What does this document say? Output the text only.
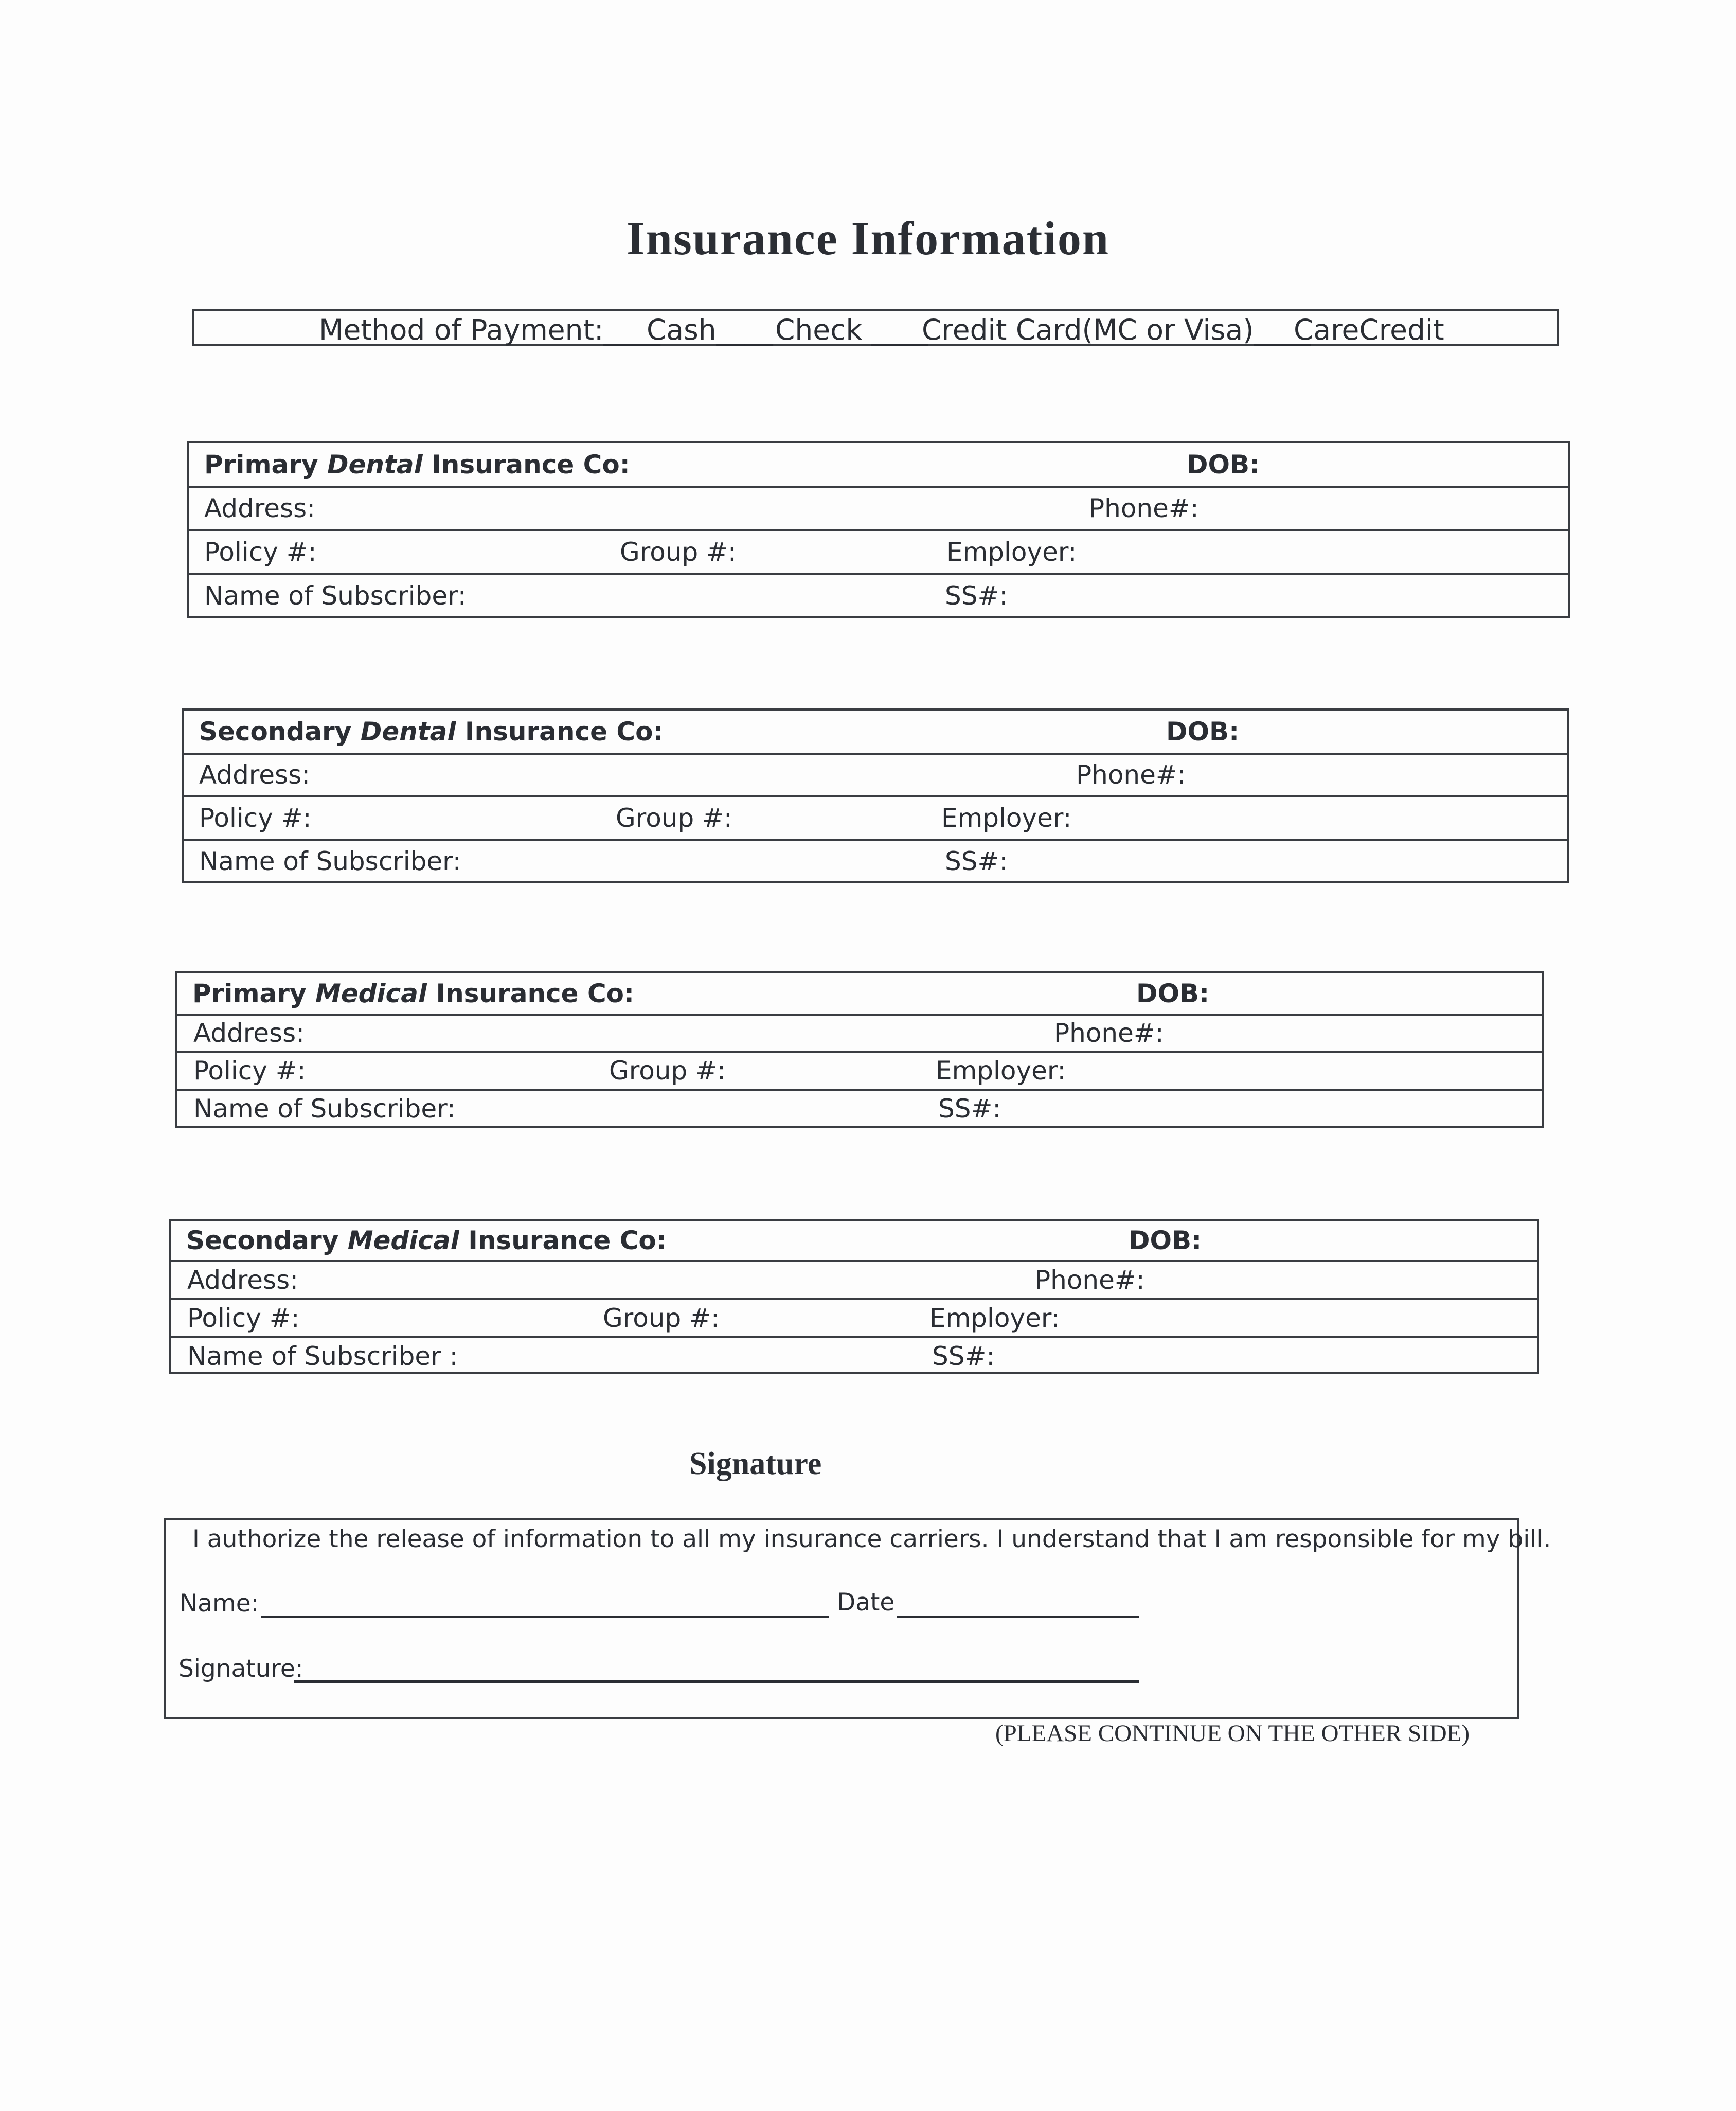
Insurance Information
Method of Payment:____
Cash____ Check ____
Credit Card(MC or Visa)____
CareCredit
Primary Dental Insurance Co:	DOB:
Address:	Phone#:
Policy #:	Group #:	Employer:
Name of Subscriber:	SS#:
Secondary Dental Insurance Co:	DOB:
Address:	Phone#:
Policy #:	Group #:	Employer:
Name of Subscriber:	SS#:
Primary Medical Insurance Co:	DOB:
Address:	Phone#:
Policy #:	Group #:	Employer:
Name of Subscriber:	SS#:
Secondary Medical Insurance Co:	DOB:
Address:	Phone#:
Policy #:	Group #:	Employer:
Name of Subscriber :	SS#:
Signature
I authorize the release of information to all my insurance carriers. I understand that I am responsible for my bill.
Name:	Date
Signature:
(PLEASE CONTINUE ON THE OTHER SIDE)
